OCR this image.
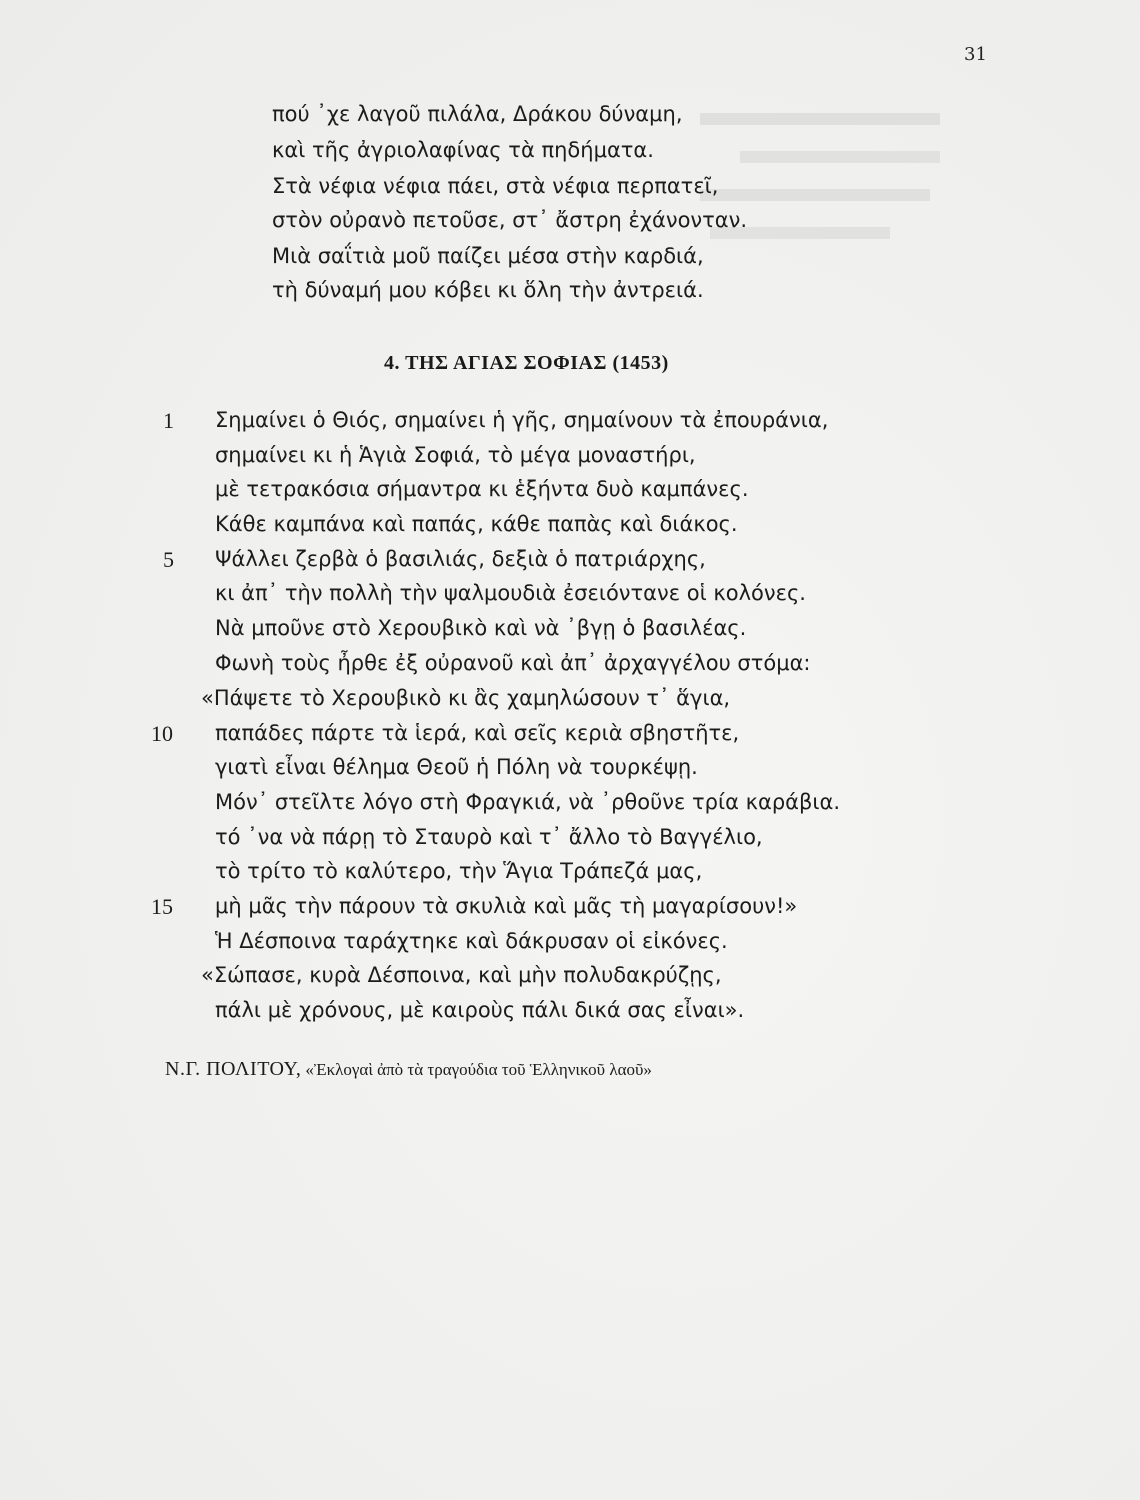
31
πού ᾽χε λαγοῦ πιλάλα, Δράκου δύναμη,
καὶ τῆς ἀγριολαφίνας τὰ πηδήματα.
Στὰ νέφια νέφια πάει, στὰ νέφια περπατεῖ,
στὸν οὐρανὸ πετοῦσε, στ᾽ ἄστρη ἐχάνονταν.
Μιὰ σαΐτιὰ μοῦ παίζει μέσα στὴν καρδιά,
τὴ δύναμή μου κόβει κι ὅλη τὴν ἀντρειά.
4. ΤΗΣ ΑΓΙΑΣ ΣΟΦΙΑΣ (1453)
1
5
10
15
Σημαίνει ὁ Θιός, σημαίνει ἡ γῆς, σημαίνουν τὰ ἐπουράνια,
σημαίνει κι ἡ Ἁγιὰ Σοφιά, τὸ μέγα μοναστήρι,
μὲ τετρακόσια σήμαντρα κι ἑξήντα δυὸ καμπάνες.
Κάθε καμπάνα καὶ παπάς, κάθε παπὰς καὶ διάκος.
Ψάλλει ζερβὰ ὁ βασιλιάς, δεξιὰ ὁ πατριάρχης,
κι ἀπ᾽ τὴν πολλὴ τὴν ψαλμουδιὰ ἐσειόντανε οἱ κολόνες.
Νὰ μποῦνε στὸ Χερουβικὸ καὶ νὰ ᾽βγῃ ὁ βασιλέας.
Φωνὴ τοὺς ἦρθε ἐξ οὐρανοῦ καὶ ἀπ᾽ ἀρχαγγέλου στόμα:
«Πάψετε τὸ Χερουβικὸ κι ἂς χαμηλώσουν τ᾽ ἅγια,
παπάδες πάρτε τὰ ἱερά, καὶ σεῖς κεριὰ σβηστῆτε,
γιατὶ εἶναι θέλημα Θεοῦ ἡ Πόλη νὰ τουρκέψῃ.
Μόν᾽ στεῖλτε λόγο στὴ Φραγκιά, νὰ ᾽ρθοῦνε τρία καράβια.
τό ᾽να νὰ πάρῃ τὸ Σταυρὸ καὶ τ᾽ ἄλλο τὸ Βαγγέλιο,
τὸ τρίτο τὸ καλύτερο, τὴν Ἅγια Τράπεζά μας,
μὴ μᾶς τὴν πάρουν τὰ σκυλιὰ καὶ μᾶς τὴ μαγαρίσουν!»
Ἡ Δέσποινα ταράχτηκε καὶ δάκρυσαν οἱ εἰκόνες.
«Σώπασε, κυρὰ Δέσποινα, καὶ μὴν πολυδακρύζῃς,
πάλι μὲ χρόνους, μὲ καιροὺς πάλι δικά σας εἶναι».
Ν.Γ. ΠΟΛΙΤΟΥ, «Ἐκλογαὶ ἀπὸ τὰ τραγούδια τοῦ Ἑλληνικοῦ λαοῦ»
